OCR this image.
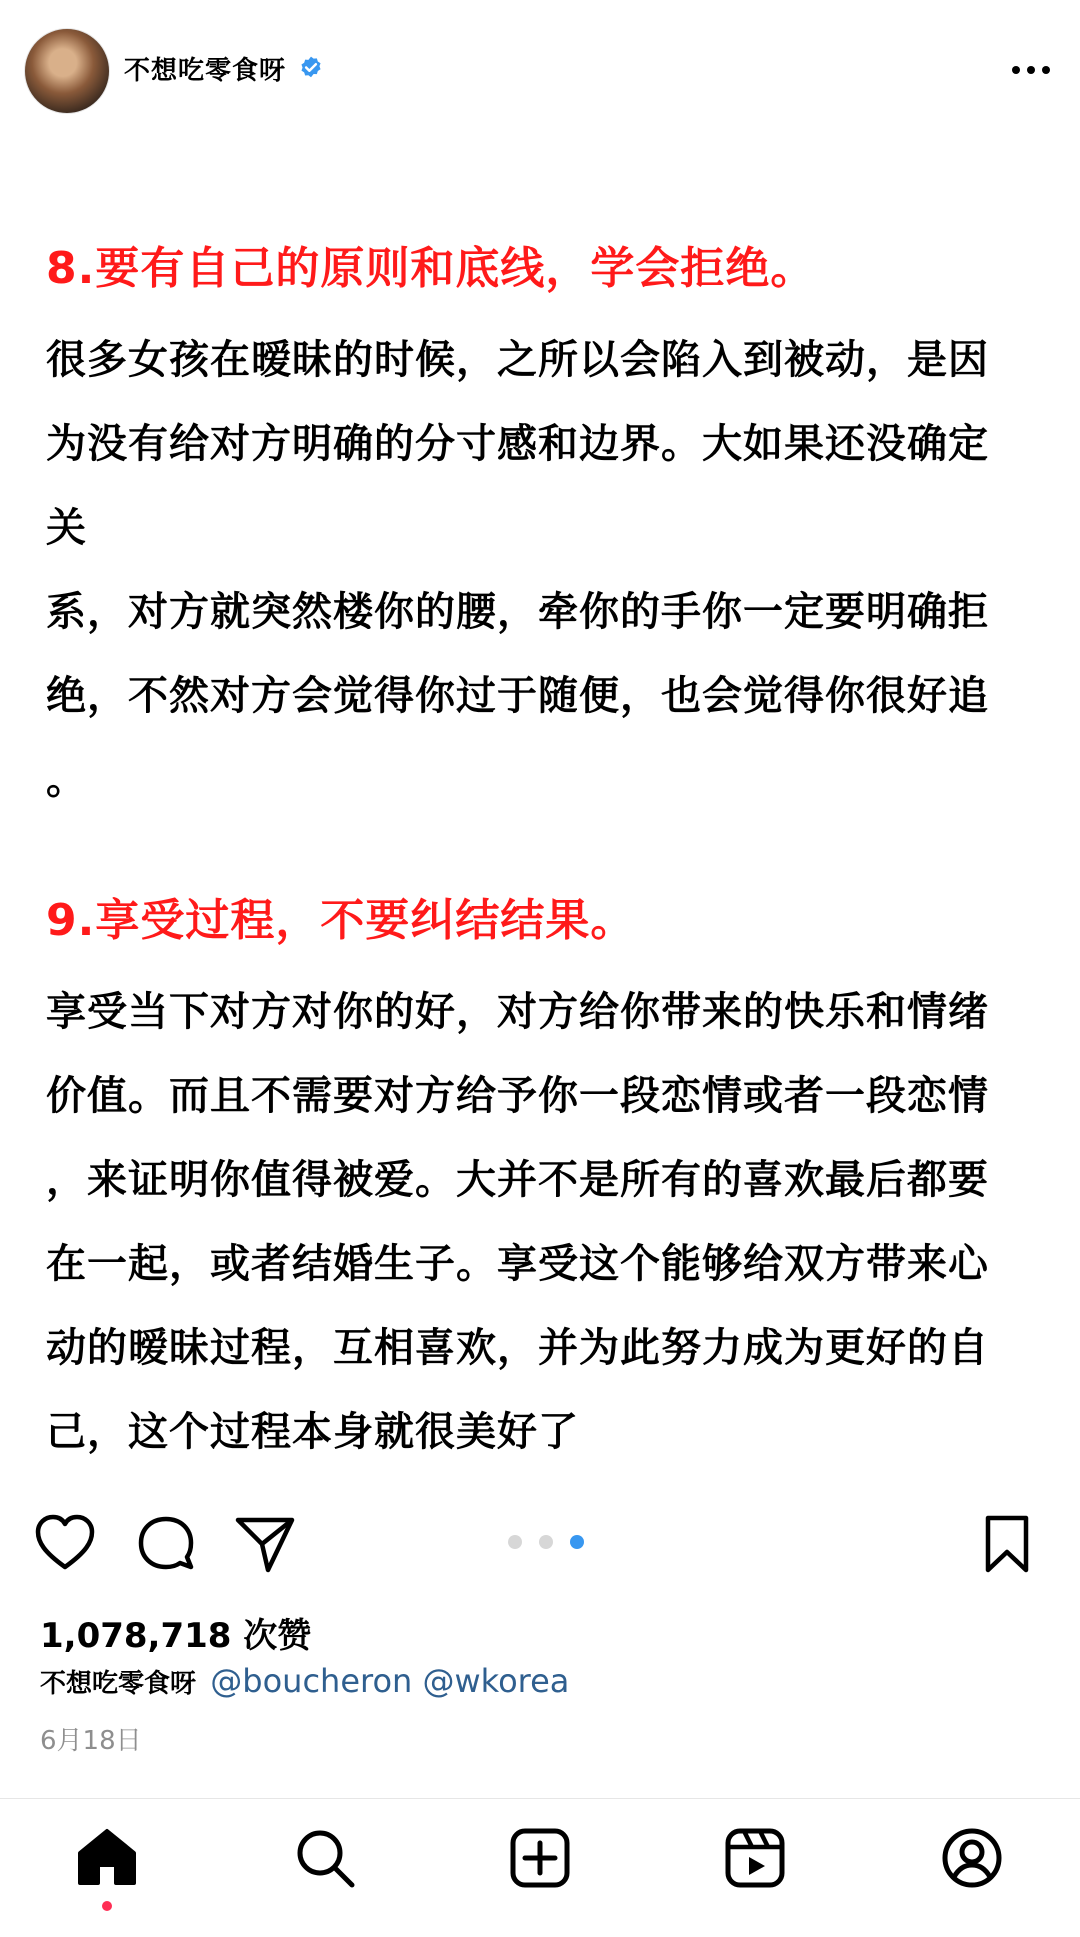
不想吃零食呀
8.要有自己的原则和底线，学会拒绝。
很多女孩在暧昧的时候，之所以会陷入到被动，是因
为没有给对方明确的分寸感和边界。大如果还没确定
关
系，对方就突然楼你的腰，牵你的手你一定要明确拒
绝，不然对方会觉得你过于随便，也会觉得你很好追
。
9.享受过程，不要纠结结果。
享受当下对方对你的好，对方给你带来的快乐和情绪
价值。而且不需要对方给予你一段恋情或者一段恋情
，来证明你值得被爱。大并不是所有的喜欢最后都要
在一起，或者结婚生子。享受这个能够给双方带来心
动的暧昧过程，互相喜欢，并为此努力成为更好的自
己，这个过程本身就很美好了

1,078,718 次赞
不想吃零食呀 @boucheron @wkorea
6月18日
